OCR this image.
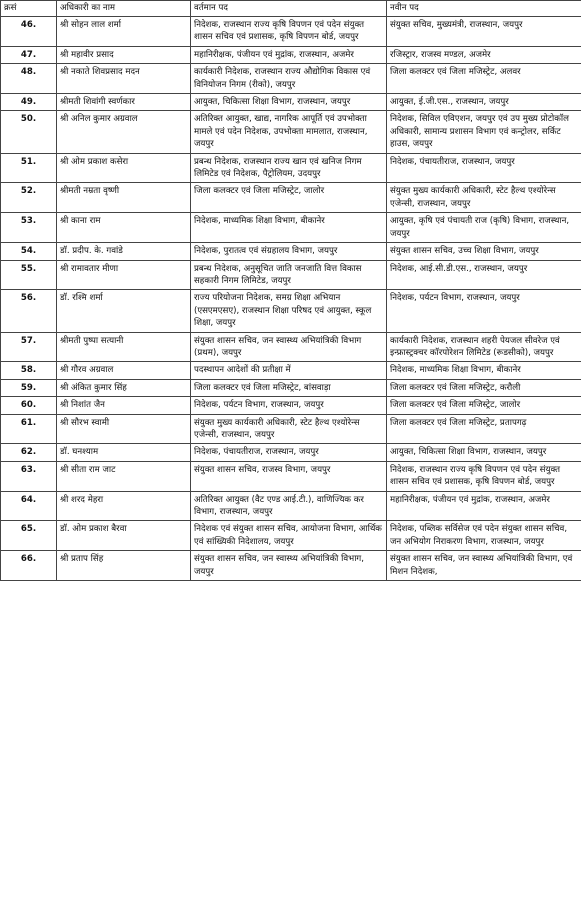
क्रसं	अधिकारी का नाम	वर्तमान पद	नवीन पद
46.	श्री सोहन लाल शर्मा	निदेशक, राजस्थान राज्य कृषि विपणन एवं पदेन संयुक्त शासन सचिव एवं प्रशासक, कृषि विपणन बोर्ड, जयपुर	संयुक्त सचिव, मुख्यमंत्री, राजस्थान, जयपुर
47.	श्री महावीर प्रसाद	महानिरीक्षक, पंजीयन एवं मुद्रांक, राजस्थान, अजमेर	रजिस्ट्रार, राजस्व मण्डल, अजमेर
48.	श्री नकाते शिवप्रसाद मदन	कार्यकारी निदेशक, राजस्थान राज्य औद्योगिक विकास एवं विनियोजन निगम (रीको), जयपुर	जिला कलक्टर एवं जिला मजिस्ट्रेट, अलवर
49.	श्रीमती शिवांगी स्वर्णकार	आयुक्त, चिकित्सा शिक्षा विभाग, राजस्थान, जयपुर	आयुक्त, ई.जी.एस., राजस्थान, जयपुर
50.	श्री अनिल कुमार अग्रवाल	अतिरिक्त आयुक्त, खाद्य, नागरिक आपूर्ति एवं उपभोक्ता मामले एवं पदेन निदेशक, उपभोक्ता मामलात, राजस्थान, जयपुर	निदेशक, सिविल एविएशन, जयपुर एवं उप मुख्य प्रोटोकॉल अधिकारी, सामान्य प्रशासन विभाग एवं कन्ट्रोलर, सर्किट हाउस, जयपुर
51.	श्री ओम प्रकाश कसेरा	प्रबन्ध निदेशक, राजस्थान राज्य खान एवं खनिज निगम लिमिटेड एवं निदेशक, पैट्रोलियम, उदयपुर	निदेशक, पंचायतीराज, राजस्थान, जयपुर
52.	श्रीमती नम्रता वृष्णी	जिला कलक्टर एवं जिला मजिस्ट्रेट, जालोर	संयुक्त मुख्य कार्यकारी अधिकारी, स्टेट हैल्थ एश्योरेन्स एजेन्सी, राजस्थान, जयपुर
53.	श्री काना राम	निदेशक, माध्यमिक शिक्षा विभाग, बीकानेर	आयुक्त, कृषि एवं पंचायती राज (कृषि) विभाग, राजस्थान, जयपुर
54.	डॉ. प्रदीप. के. गवांडे	निदेशक, पुरातत्व एवं संग्रहालय विभाग, जयपुर	संयुक्त शासन सचिव, उच्च शिक्षा विभाग, जयपुर
55.	श्री रामावतार मीणा	प्रबन्ध निदेशक, अनुसूचित जाति जनजाति वित्त विकास सहकारी निगम लिमिटेड, जयपुर	निदेशक, आई.सी.डी.एस., राजस्थान, जयपुर
56.	डॉ. रश्मि शर्मा	राज्य परियोजना निदेशक, समग्र शिक्षा अभियान (एसएमएसए), राजस्थान शिक्षा परिषद एवं आयुक्त, स्कूल शिक्षा, जयपुर	निदेशक, पर्यटन विभाग, राजस्थान, जयपुर
57.	श्रीमती पुष्पा सत्यानी	संयुक्त शासन सचिव, जन स्वास्थ्य अभियांत्रिकी विभाग (प्रथम), जयपुर	कार्यकारी निदेशक, राजस्थान शहरी पेयजल सीवरेज एवं इन्फ्रास्ट्रक्चर कॉरपोरेशन लिमिटेड (रूडसीको), जयपुर
58.	श्री गौरव अग्रवाल	पदस्थापन आदेशों की प्रतीक्षा में	निदेशक, माध्यमिक शिक्षा विभाग, बीकानेर
59.	श्री अंकित कुमार सिंह	जिला कलक्टर एवं जिला मजिस्ट्रेट, बांसवाड़ा	जिला कलक्टर एवं जिला मजिस्ट्रेट, करौली
60.	श्री निशांत जैन	निदेशक, पर्यटन विभाग, राजस्थान, जयपुर	जिला कलक्टर एवं जिला मजिस्ट्रेट, जालोर
61.	श्री सौरभ स्वामी	संयुक्त मुख्य कार्यकारी अधिकारी, स्टेट हैल्थ एश्योरेन्स एजेन्सी, राजस्थान, जयपुर	जिला कलक्टर एवं जिला मजिस्ट्रेट, प्रतापगढ़
62.	डॉ. घनश्याम	निदेशक, पंचायतीराज, राजस्थान, जयपुर	आयुक्त, चिकित्सा शिक्षा विभाग, राजस्थान, जयपुर
63.	श्री सीता राम जाट	संयुक्त शासन सचिव, राजस्व विभाग, जयपुर	निदेशक, राजस्थान राज्य कृषि विपणन एवं पदेन संयुक्त शासन सचिव एवं प्रशासक, कृषि विपणन बोर्ड, जयपुर
64.	श्री शरद मेहरा	अतिरिक्त आयुक्त (वैट एण्ड आई.टी.), वाणिज्यिक कर विभाग, राजस्थान, जयपुर	महानिरीक्षक, पंजीयन एवं मुद्रांक, राजस्थान, अजमेर
65.	डॉ. ओम प्रकाश बैरवा	निदेशक एवं संयुक्त शासन सचिव, आयोजना विभाग, आर्थिक एवं सांख्यिकी निदेशालय, जयपुर	निदेशक, पब्लिक सर्विसेज एवं पदेन संयुक्त शासन सचिव, जन अभियोग निराकरण विभाग, राजस्थान, जयपुर
66.	श्री प्रताप सिंह	संयुक्त शासन सचिव, जन स्वास्थ्य अभियांत्रिकी विभाग, जयपुर	संयुक्त शासन सचिव, जन स्वास्थ्य अभियांत्रिकी विभाग, एवं मिशन निदेशक,
